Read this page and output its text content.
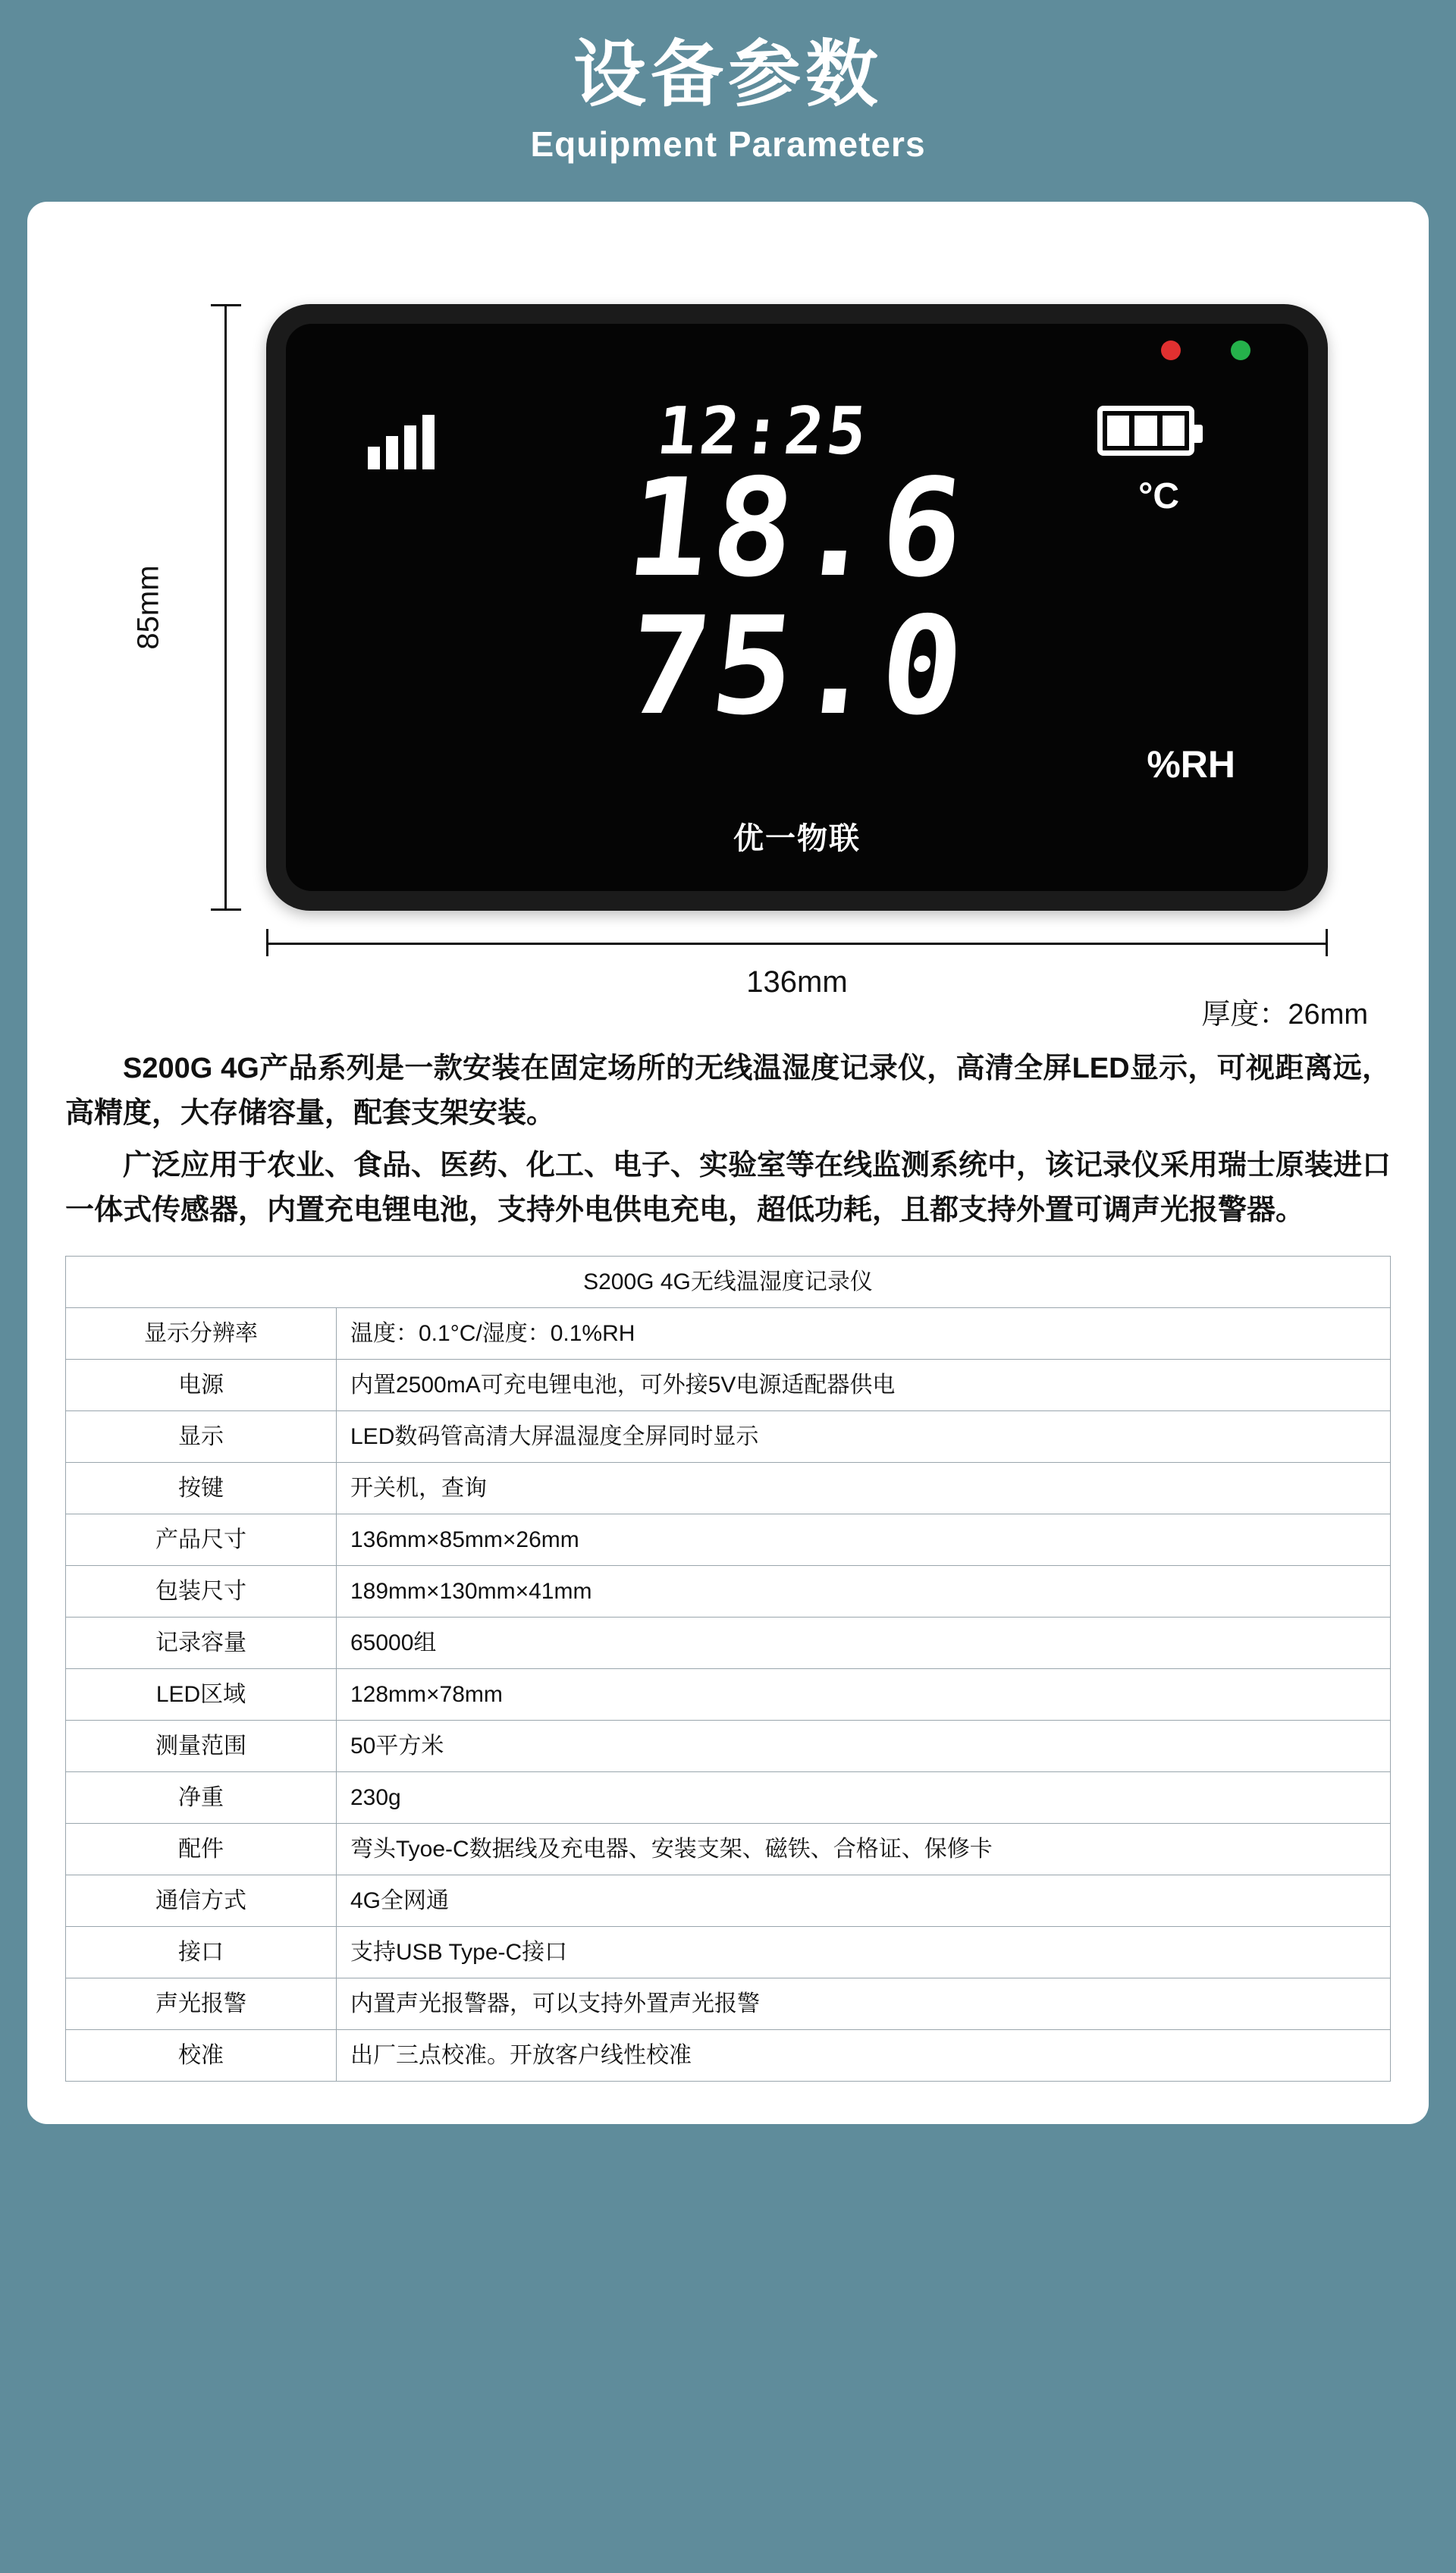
设备参数
Equipment Parameters
85mm
12:25
°C
18.6
75.0
%RH
优一物联
136mm
厚度：26mm

S200G 4G产品系列是一款安装在固定场所的无线温湿度记录仪，高清全屏LED显示，可视距离远，高精度，大存储容量，配套支架安装。

广泛应用于农业、食品、医药、化工、电子、实验室等在线监测系统中，该记录仪采用瑞士原装进口一体式传感器，内置充电锂电池，支持外电供电充电，超低功耗，且都支持外置可调声光报警器。

S200G 4G无线温湿度记录仪	
显示分辨率	温度：0.1°C/湿度：0.1%RH
电源	内置2500mA可充电锂电池，可外接5V电源适配器供电
显示	LED数码管高清大屏温湿度全屏同时显示
按键	开关机，查询
产品尺寸	136mm×85mm×26mm
包装尺寸	189mm×130mm×41mm
记录容量	65000组
LED区域	128mm×78mm
测量范围	50平方米
净重	230g
配件	弯头Tyoe-C数据线及充电器、安装支架、磁铁、合格证、保修卡
通信方式	4G全网通
接口	支持USB Type-C接口
声光报警	内置声光报警器，可以支持外置声光报警
校准	出厂三点校准。开放客户线性校准
